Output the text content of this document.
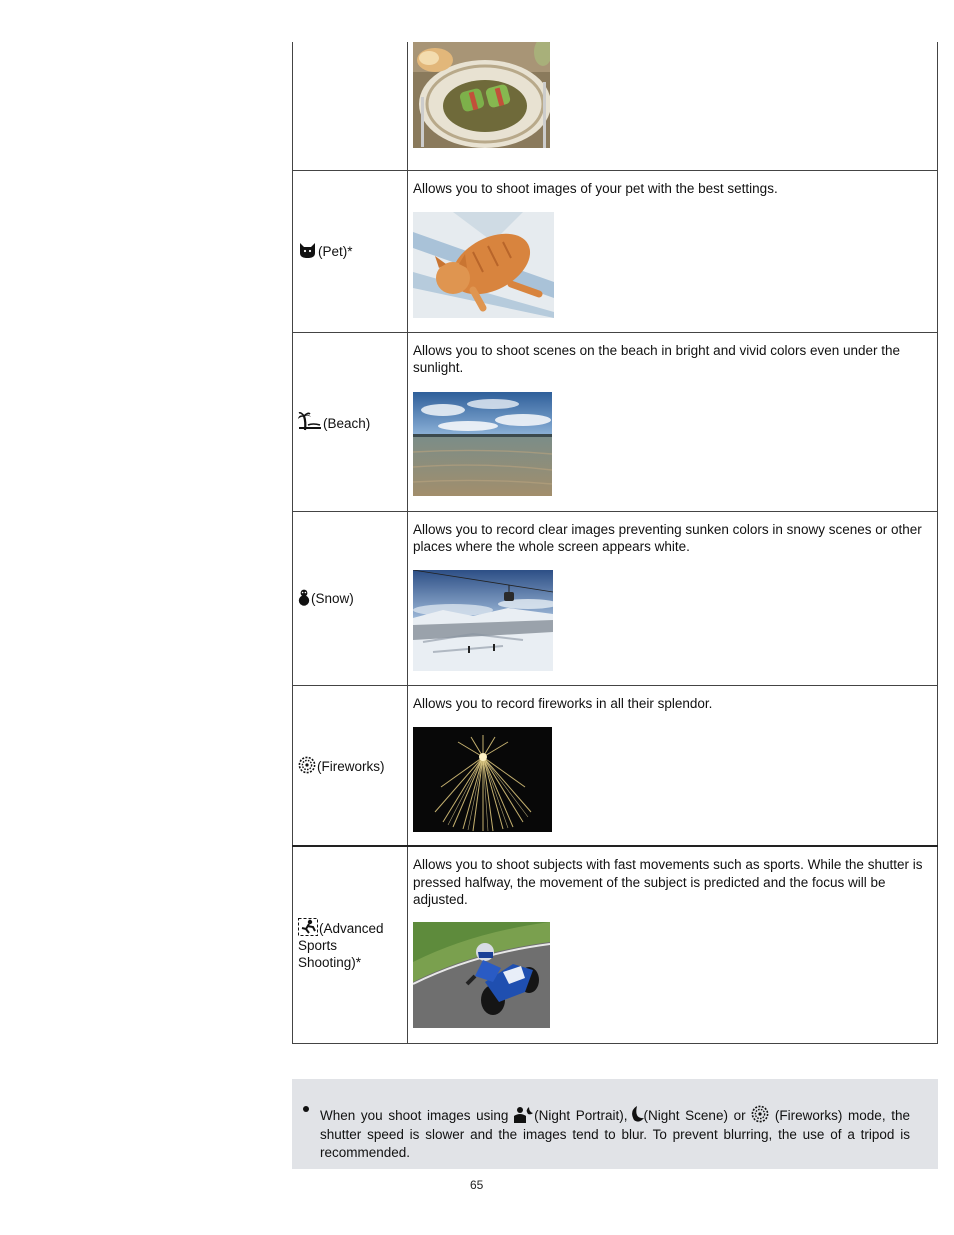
(Pet)*	Allows you to shoot images of your pet with the best settings.

(Beach)	Allows you to shoot scenes on the beach in bright and vivid colors even under the sunlight.

(Snow)	Allows you to record clear images preventing sunken colors in snowy scenes or other places where the whole screen appears white.

(Fireworks)	Allows you to record fireworks in all their splendor.

(Advanced Sports Shooting)*	Allows you to shoot subjects with fast movements such as sports. While the shutter is pressed halfway, the movement of the subject is predicted and the focus will be adjusted.

When you shoot images using (Night Portrait), (Night Scene) or (Fireworks) mode, the shutter speed is slower and the images tend to blur. To prevent blurring, the use of a tripod is recommended.
65
